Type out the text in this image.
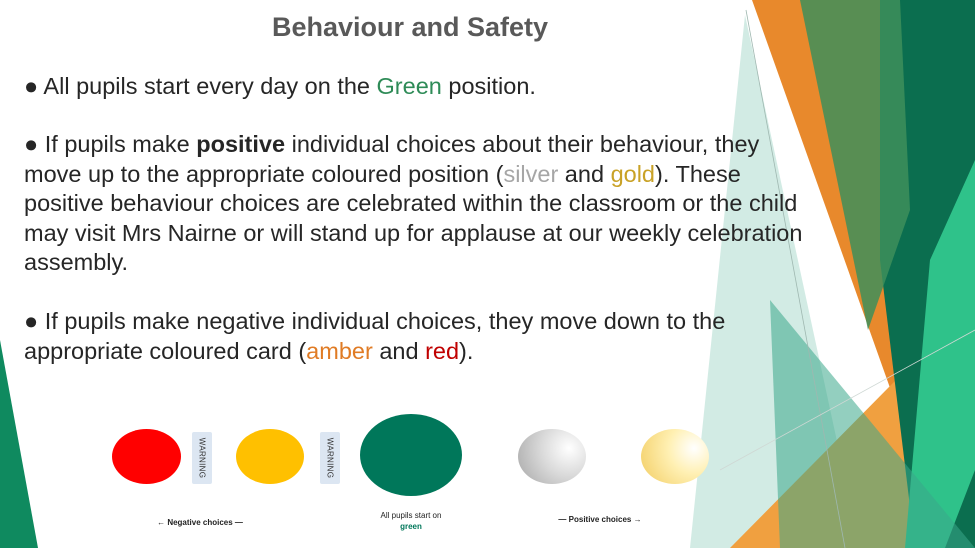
Behaviour and Safety
● All pupils start every day on the Green position.
● If pupils make positive individual choices about their behaviour, they move up to the appropriate coloured position (silver and gold). These positive behaviour choices are celebrated within the classroom or the child may visit Mrs Nairne or will stand up for applause at our weekly celebration assembly.
● If pupils make negative individual choices, they move down to the appropriate coloured card (amber and red).
WARNING	WARNING
← Negative choices —
All pupils start on
green
— Positive choices →
